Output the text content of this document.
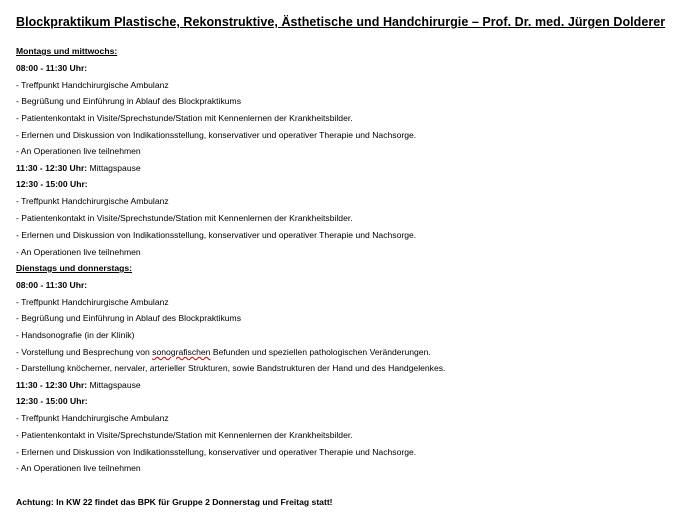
Blockpraktikum Plastische, Rekonstruktive, Ästhetische und Handchirurgie – Prof. Dr. med. Jürgen Dolderer
Montags und mittwochs:
08:00 - 11:30 Uhr:
- Treffpunkt Handchirurgische Ambulanz
- Begrüßung und Einführung in Ablauf des Blockpraktikums
- Patientenkontakt in Visite/Sprechstunde/Station mit Kennenlernen der Krankheitsbilder.
- Erlernen und Diskussion von Indikationsstellung, konservativer und operativer Therapie und Nachsorge.
- An Operationen live teilnehmen
11:30 - 12:30 Uhr: Mittagspause
12:30 - 15:00 Uhr:
- Treffpunkt Handchirurgische Ambulanz
- Patientenkontakt in Visite/Sprechstunde/Station mit Kennenlernen der Krankheitsbilder.
- Erlernen und Diskussion von Indikationsstellung, konservativer und operativer Therapie und Nachsorge.
- An Operationen live teilnehmen
Dienstags und donnerstags:
08:00 - 11:30 Uhr:
- Treffpunkt Handchirurgische Ambulanz
- Begrüßung und Einführung in Ablauf des Blockpraktikums
- Handsonografie (in der Klinik)
- Vorstellung und Besprechung von sonografischen Befunden und speziellen pathologischen Veränderungen.
- Darstellung knöcherner, nervaler, arterieller Strukturen, sowie Bandstrukturen der Hand und des Handgelenkes.
11:30 - 12:30 Uhr: Mittagspause
12:30 - 15:00 Uhr:
- Treffpunkt Handchirurgische Ambulanz
- Patientenkontakt in Visite/Sprechstunde/Station mit Kennenlernen der Krankheitsbilder.
- Erlernen und Diskussion von Indikationsstellung, konservativer und operativer Therapie und Nachsorge.
- An Operationen live teilnehmen
Achtung: In KW 22 findet das BPK für Gruppe 2 Donnerstag und Freitag statt!
